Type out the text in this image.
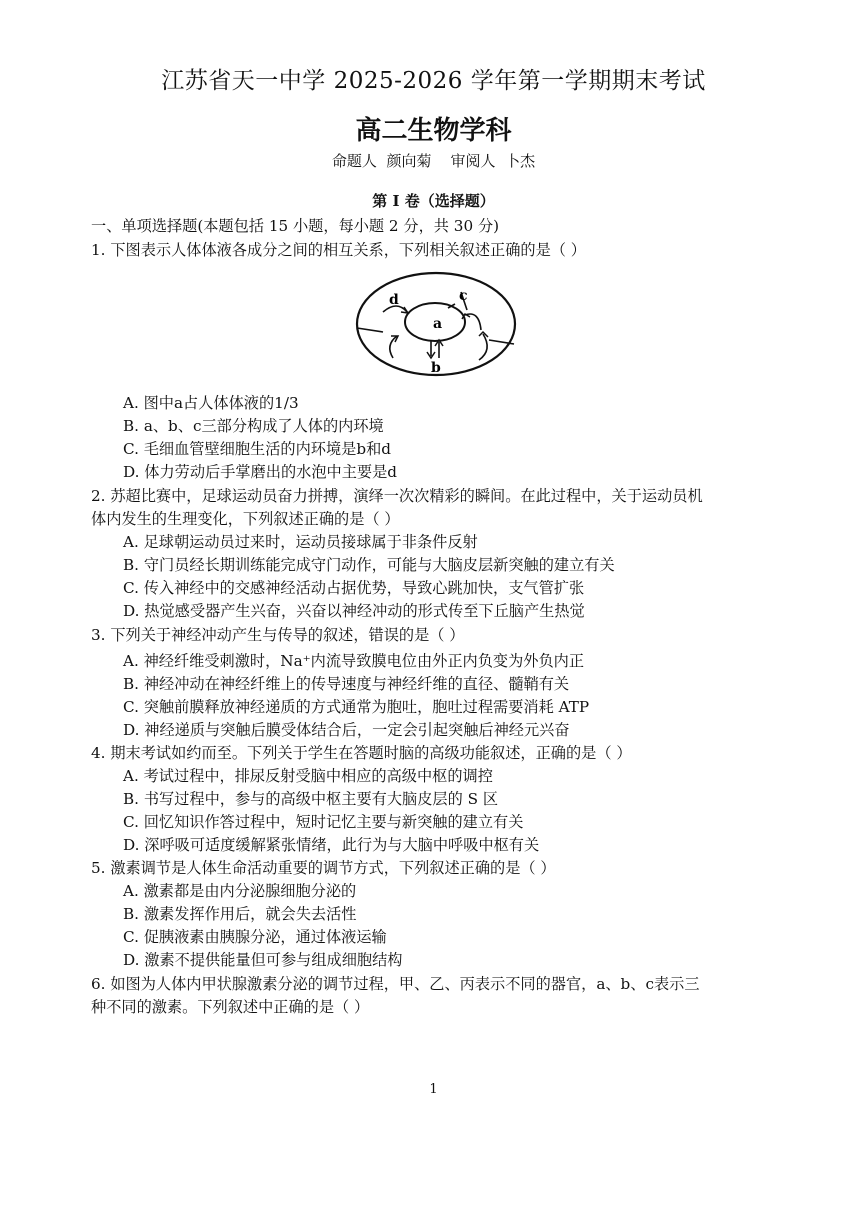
江苏省天一中学 2025-2026 学年第一学期期末考试
高二生物学科
命题人  颜向菊    审阅人  卜杰
第 I 卷（选择题）
一、单项选择题(本题包括 15 小题，每小题 2 分，共 30 分)
1. 下图表示人体体液各成分之间的相互关系，下列相关叙述正确的是（ ）
a
b
c
d
A. 图中a占人体体液的1/3
B. a、b、c三部分构成了人体的内环境
C. 毛细血管壁细胞生活的内环境是b和d
D. 体力劳动后手掌磨出的水泡中主要是d
2. 苏超比赛中，足球运动员奋力拼搏，演绎一次次精彩的瞬间。在此过程中，关于运动员机
体内发生的生理变化，下列叙述正确的是（ ）
A. 足球朝运动员过来时，运动员接球属于非条件反射
B. 守门员经长期训练能完成守门动作，可能与大脑皮层新突触的建立有关
C. 传入神经中的交感神经活动占据优势，导致心跳加快，支气管扩张
D. 热觉感受器产生兴奋，兴奋以神经冲动的形式传至下丘脑产生热觉
3. 下列关于神经冲动产生与传导的叙述，错误的是（ ）
A. 神经纤维受刺激时，Na⁺内流导致膜电位由外正内负变为外负内正
B. 神经冲动在神经纤维上的传导速度与神经纤维的直径、髓鞘有关
C. 突触前膜释放神经递质的方式通常为胞吐，胞吐过程需要消耗 ATP
D. 神经递质与突触后膜受体结合后，一定会引起突触后神经元兴奋
4. 期末考试如约而至。下列关于学生在答题时脑的高级功能叙述，正确的是（ ）
A. 考试过程中，排尿反射受脑中相应的高级中枢的调控
B. 书写过程中，参与的高级中枢主要有大脑皮层的 S 区
C. 回忆知识作答过程中，短时记忆主要与新突触的建立有关
D. 深呼吸可适度缓解紧张情绪，此行为与大脑中呼吸中枢有关
5. 激素调节是人体生命活动重要的调节方式，下列叙述正确的是（ ）
A. 激素都是由内分泌腺细胞分泌的
B. 激素发挥作用后，就会失去活性
C. 促胰液素由胰腺分泌，通过体液运输
D. 激素不提供能量但可参与组成细胞结构
6. 如图为人体内甲状腺激素分泌的调节过程，甲、乙、丙表示不同的器官，a、b、c表示三
种不同的激素。下列叙述中正确的是（ ）
1
